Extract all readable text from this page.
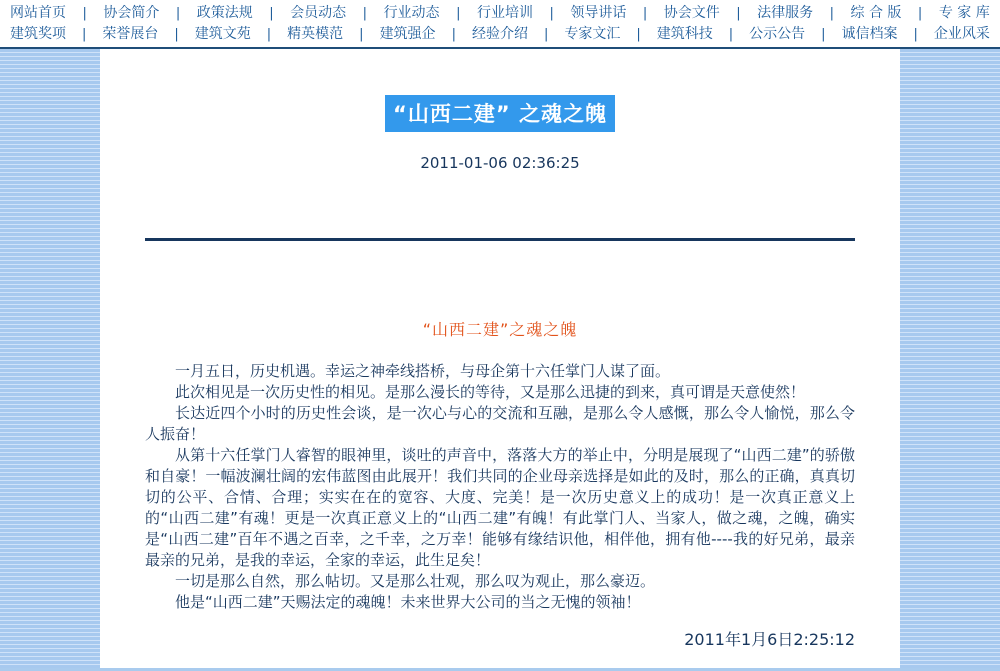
网站首页 | 协会简介 | 政策法规 | 会员动态 | 行业动态 | 行业培训 | 领导讲话 | 协会文件 | 法律服务 | 综 合 版 | 专 家 库
建筑奖项 | 荣誉展台 | 建筑文苑 | 精英模范 | 建筑强企 | 经验介绍 | 专家文汇 | 建筑科技 | 公示公告 | 诚信档案 | 企业风采
“山西二建” 之魂之魄
2011-01-06 02:36:25
“山西二建”之魂之魄

一月五日，历史机遇。幸运之神牵线搭桥，与母企第十六任掌门人谋了面。

此次相见是一次历史性的相见。是那么漫长的等待，又是那么迅捷的到来，真可谓是天意使然！

长达近四个小时的历史性会谈，是一次心与心的交流和互融，是那么令人感慨，那么令人愉悦，那么令人振奋！

从第十六任掌门人睿智的眼神里，谈吐的声音中，落落大方的举止中，分明是展现了“山西二建”的骄傲和自豪！一幅波澜壮阔的宏伟蓝图由此展开！我们共同的企业母亲选择是如此的及时，那么的正确，真真切切的公平、合情、合理；实实在在的宽容、大度、完美！是一次历史意义上的成功！是一次真正意义上的“山西二建”有魂！更是一次真正意义上的“山西二建”有魄！有此掌门人、当家人，做之魂，之魄，确实是“山西二建”百年不遇之百幸，之千幸，之万幸！能够有缘结识他，相伴他，拥有他----我的好兄弟，最亲最亲的兄弟，是我的幸运，全家的幸运，此生足矣！

一切是那么自然，那么帖切。又是那么壮观，那么叹为观止，那么豪迈。

他是“山西二建”天赐法定的魂魄！未来世界大公司的当之无愧的领袖！

2011年1月6日2:25:12
